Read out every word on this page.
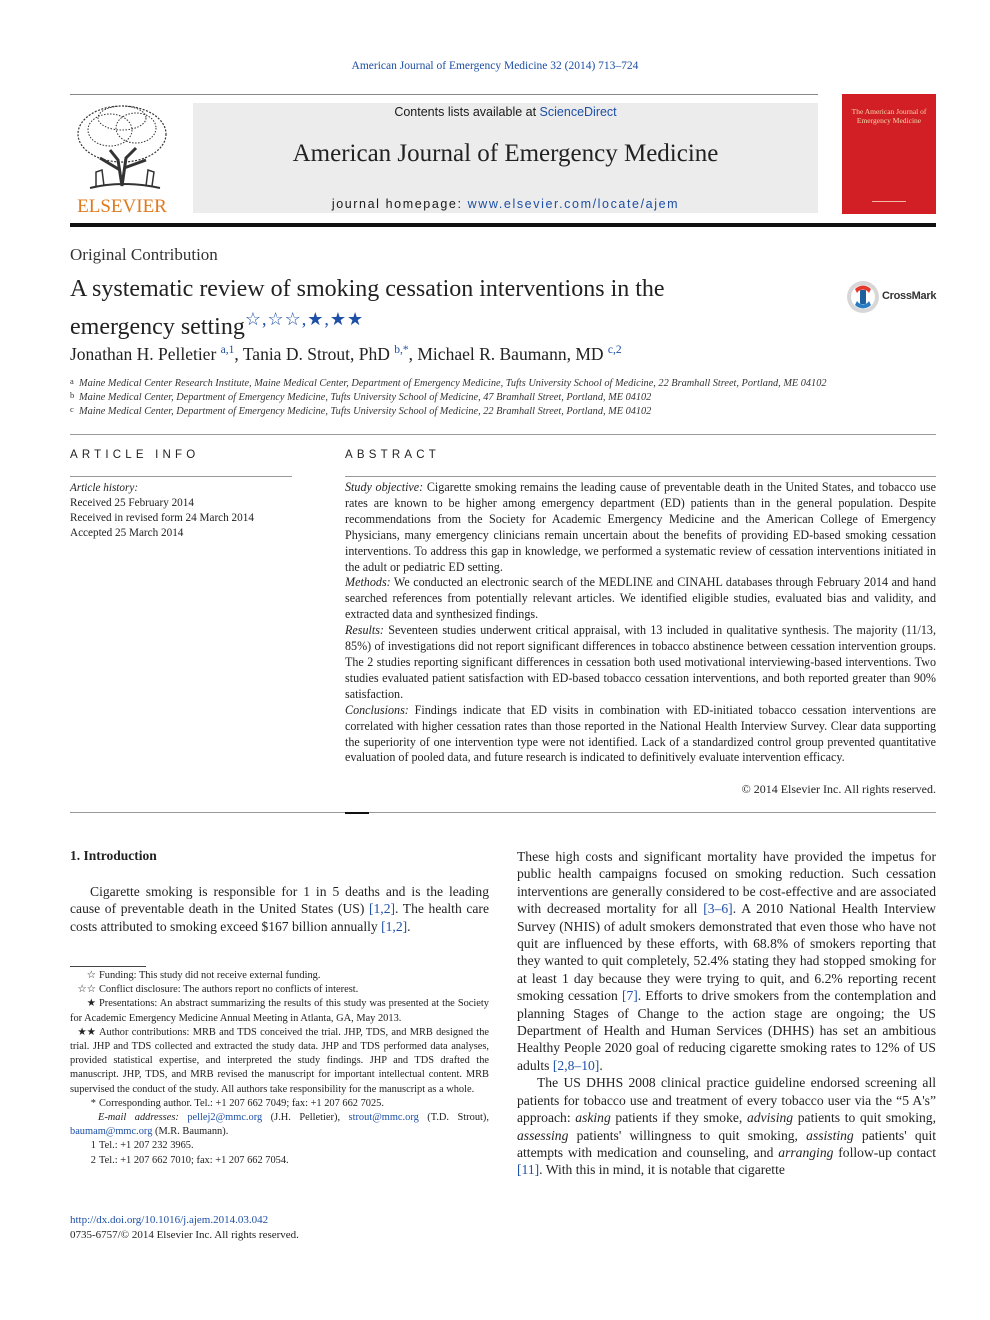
American Journal of Emergency Medicine 32 (2014) 713–724
ELSEVIER
Contents lists available at ScienceDirect
American Journal of Emergency Medicine
journal homepage: www.elsevier.com/locate/ajem
The American Journal of Emergency Medicine
Original Contribution
A systematic review of smoking cessation interventions in the
emergency setting☆,☆☆,★,★★
CrossMark
Jonathan H. Pelletier $^{a,1}$, Tania D. Strout, PhD $^{b,*}$, Michael R. Baumann, MD $^{c,2}$
a Maine Medical Center Research Institute, Maine Medical Center, Department of Emergency Medicine, Tufts University School of Medicine, 22 Bramhall Street, Portland, ME 04102
b Maine Medical Center, Department of Emergency Medicine, Tufts University School of Medicine, 47 Bramhall Street, Portland, ME 04102
c Maine Medical Center, Department of Emergency Medicine, Tufts University School of Medicine, 22 Bramhall Street, Portland, ME 04102
ARTICLE INFO
Article history:
Received 25 February 2014
Received in revised form 24 March 2014
Accepted 25 March 2014
ABSTRACT

Study objective: Cigarette smoking remains the leading cause of preventable death in the United States, and tobacco use rates are known to be higher among emergency department (ED) patients than in the general population. Despite recommendations from the Society for Academic Emergency Medicine and the American College of Emergency Physicians, many emergency clinicians remain uncertain about the benefits of providing ED-based smoking cessation interventions. To address this gap in knowledge, we performed a systematic review of cessation interventions initiated in the adult or pediatric ED setting.

Methods: We conducted an electronic search of the MEDLINE and CINAHL databases through February 2014 and hand searched references from potentially relevant articles. We identified eligible studies, evaluated bias and validity, and extracted data and synthesized findings.

Results: Seventeen studies underwent critical appraisal, with 13 included in qualitative synthesis. The majority (11/13, 85%) of investigations did not report significant differences in tobacco abstinence between cessation intervention groups. The 2 studies reporting significant differences in cessation both used motivational interviewing-based interventions. Two studies evaluated patient satisfaction with ED-based tobacco cessation interventions, and both reported greater than 90% satisfaction.

Conclusions: Findings indicate that ED visits in combination with ED-initiated tobacco cessation interventions are correlated with higher cessation rates than those reported in the National Health Interview Survey. Clear data supporting the superiority of one intervention type were not identified. Lack of a standardized control group prevented quantitative evaluation of pooled data, and future research is indicated to definitively evaluate intervention efficacy.

© 2014 Elsevier Inc. All rights reserved.
1. Introduction
Cigarette smoking is responsible for 1 in 5 deaths and is the leading cause of preventable death in the United States (US) [1,2]. The health care costs attributed to smoking exceed $167 billion annually [1,2].

☆ Funding: This study did not receive external funding.

☆☆ Conflict disclosure: The authors report no conflicts of interest.

★ Presentations: An abstract summarizing the results of this study was presented at the Society for Academic Emergency Medicine Annual Meeting in Atlanta, GA, May 2013.

★★ Author contributions: MRB and TDS conceived the trial. JHP, TDS, and MRB designed the trial. JHP and TDS collected and extracted the study data. JHP and TDS performed data analyses, provided statistical expertise, and interpreted the study findings. JHP and TDS drafted the manuscript. JHP, TDS, and MRB revised the manuscript for important intellectual content. MRB supervised the conduct of the study. All authors take responsibility for the manuscript as a whole.

* Corresponding author. Tel.: +1 207 662 7049; fax: +1 207 662 7025.

E-mail addresses: pellej2@mmc.org (J.H. Pelletier), strout@mmc.org (T.D. Strout), baumam@mmc.org (M.R. Baumann).

1 Tel.: +1 207 232 3965.

2 Tel.: +1 207 662 7010; fax: +1 207 662 7054.

http://dx.doi.org/10.1016/j.ajem.2014.03.042
0735-6757/© 2014 Elsevier Inc. All rights reserved.

These high costs and significant mortality have provided the impetus for public health campaigns focused on smoking reduction. Such cessation interventions are generally considered to be cost-effective and are associated with decreased mortality for all [3–6]. A 2010 National Health Interview Survey (NHIS) of adult smokers demonstrated that even those who have not quit are influenced by these efforts, with 68.8% of smokers reporting that they wanted to quit completely, 52.4% stating they had stopped smoking for at least 1 day because they were trying to quit, and 6.2% reporting recent smoking cessation [7]. Efforts to drive smokers from the contemplation and planning Stages of Change to the action stage are ongoing; the US Department of Health and Human Services (DHHS) has set an ambitious Healthy People 2020 goal of reducing cigarette smoking rates to 12% of US adults [2,8–10].

The US DHHS 2008 clinical practice guideline endorsed screening all patients for tobacco use and treatment of every tobacco user via the “5 A's” approach: asking patients if they smoke, advising patients to quit smoking, assessing patients' willingness to quit smoking, assisting patients' quit attempts with medication and counseling, and arranging follow-up contact [11]. With this in mind, it is notable that cigarette
